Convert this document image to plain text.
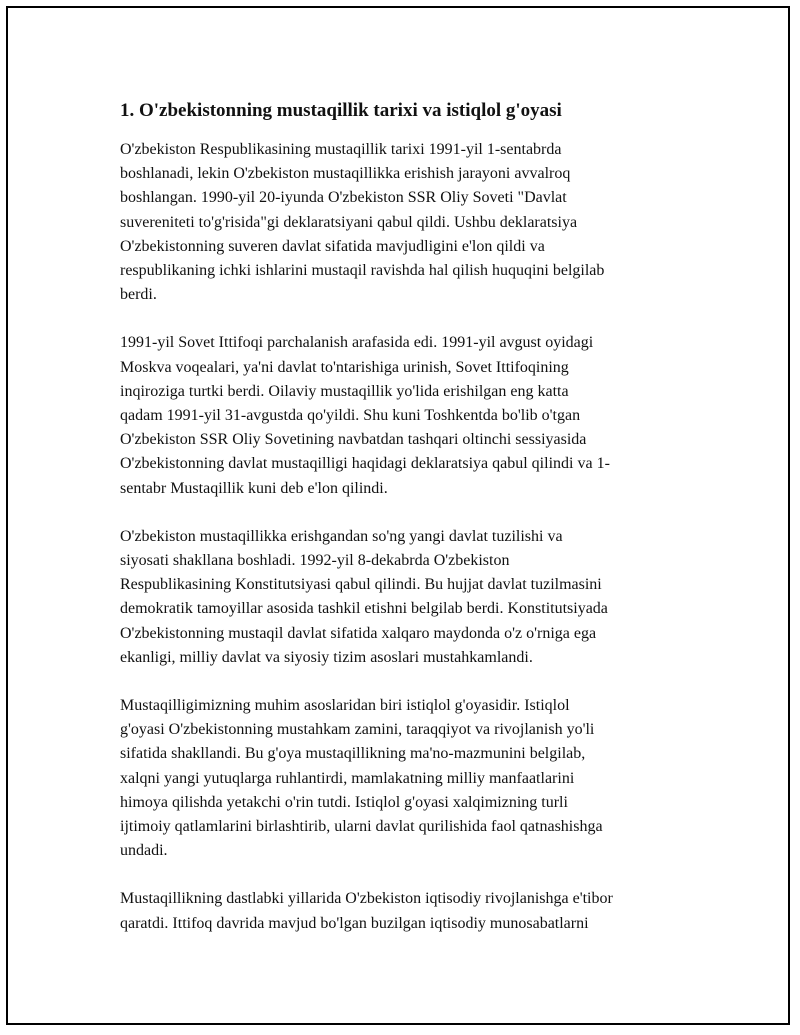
1. O'zbekistonning mustaqillik tarixi va istiqlol g'oyasi

O'zbekiston Respublikasining mustaqillik tarixi 1991-yil 1-sentabrda
boshlanadi, lekin O'zbekiston mustaqillikka erishish jarayoni avvalroq
boshlangan. 1990-yil 20-iyunda O'zbekiston SSR Oliy Soveti "Davlat
suvereniteti to'g'risida"gi deklaratsiyani qabul qildi. Ushbu deklaratsiya
O'zbekistonning suveren davlat sifatida mavjudligini e'lon qildi va
respublikaning ichki ishlarini mustaqil ravishda hal qilish huquqini belgilab
berdi.

1991-yil Sovet Ittifoqi parchalanish arafasida edi. 1991-yil avgust oyidagi
Moskva voqealari, ya'ni davlat to'ntarishiga urinish, Sovet Ittifoqining
inqiroziga turtki berdi. Oilaviy mustaqillik yo'lida erishilgan eng katta
qadam 1991-yil 31-avgustda qo'yildi. Shu kuni Toshkentda bo'lib o'tgan
O'zbekiston SSR Oliy Sovetining navbatdan tashqari oltinchi sessiyasida
O'zbekistonning davlat mustaqilligi haqidagi deklaratsiya qabul qilindi va 1-
sentabr Mustaqillik kuni deb e'lon qilindi.

O'zbekiston mustaqillikka erishgandan so'ng yangi davlat tuzilishi va
siyosati shakllana boshladi. 1992-yil 8-dekabrda O'zbekiston
Respublikasining Konstitutsiyasi qabul qilindi. Bu hujjat davlat tuzilmasini
demokratik tamoyillar asosida tashkil etishni belgilab berdi. Konstitutsiyada
O'zbekistonning mustaqil davlat sifatida xalqaro maydonda o'z o'rniga ega
ekanligi, milliy davlat va siyosiy tizim asoslari mustahkamlandi.

Mustaqilligimizning muhim asoslaridan biri istiqlol g'oyasidir. Istiqlol
g'oyasi O'zbekistonning mustahkam zamini, taraqqiyot va rivojlanish yo'li
sifatida shakllandi. Bu g'oya mustaqillikning ma'no-mazmunini belgilab,
xalqni yangi yutuqlarga ruhlantirdi, mamlakatning milliy manfaatlarini
himoya qilishda yetakchi o'rin tutdi. Istiqlol g'oyasi xalqimizning turli
ijtimoiy qatlamlarini birlashtirib, ularni davlat qurilishida faol qatnashishga
undadi.

Mustaqillikning dastlabki yillarida O'zbekiston iqtisodiy rivojlanishga e'tibor
qaratdi. Ittifoq davrida mavjud bo'lgan buzilgan iqtisodiy munosabatlarni
